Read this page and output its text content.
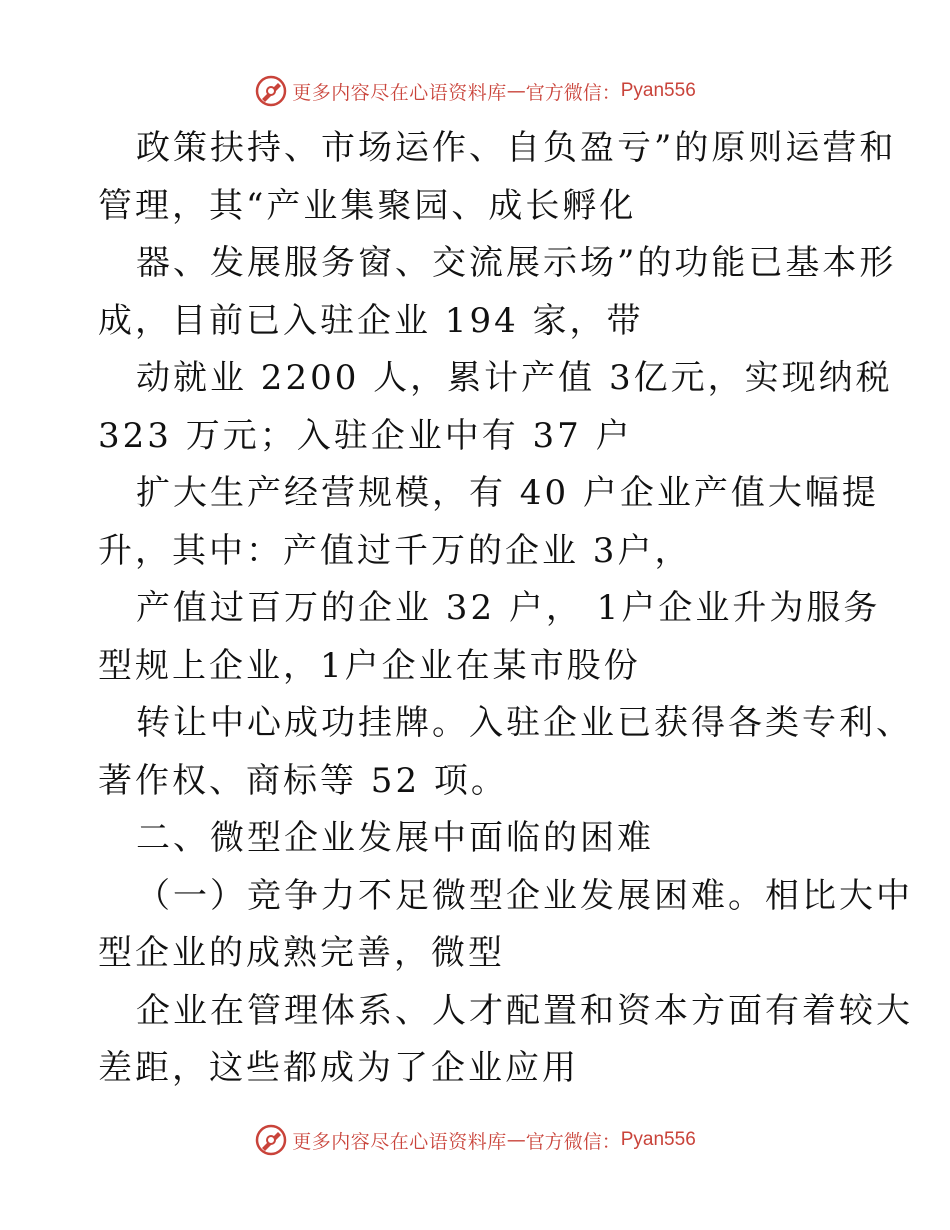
更多内容尽在心语资料库 — 官方微信： Pyan556
政策扶持、市场运作、自负盈亏”的原则运营和
管理，其“产业集聚园、成长孵化
器、发展服务窗、交流展示场”的功能已基本形
成，目前已入驻企业 194 家，带
动就业 2200 人，累计产值 3亿元，实现纳税
323 万元；入驻企业中有 37 户
扩大生产经营规模，有 40 户企业产值大幅提
升，其中：产值过千万的企业 3户，
产值过百万的企业 32 户， 1户企业升为服务
型规上企业，1户企业在某市股份
转让中心成功挂牌。入驻企业已获得各类专利、
著作权、商标等 52 项。
二、微型企业发展中面临的困难
（一）竞争力不足微型企业发展困难。相比大中
型企业的成熟完善，微型
企业在管理体系、人才配置和资本方面有着较大
差距，这些都成为了企业应用
更多内容尽在心语资料库 — 官方微信： Pyan556
